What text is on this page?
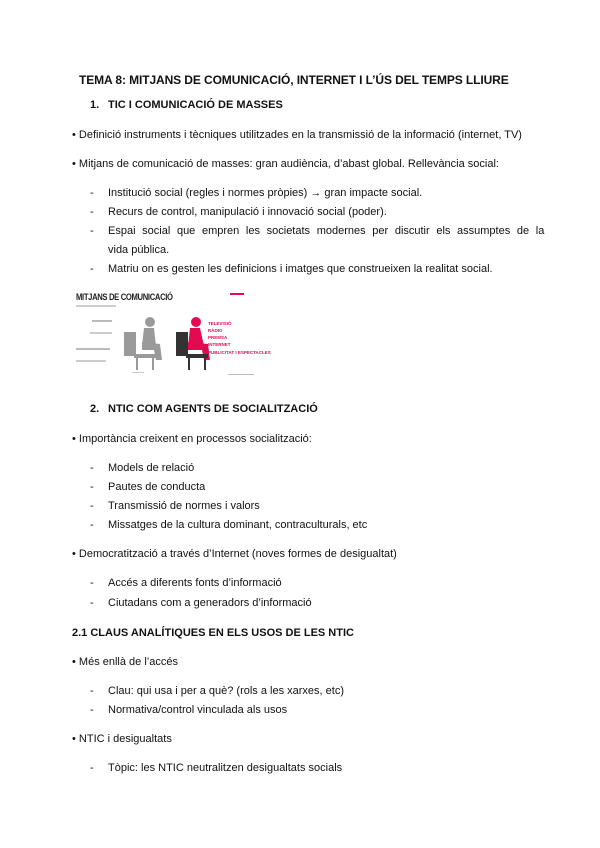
TEMA 8: MITJANS DE COMUNICACIÓ, INTERNET I L’ÚS DEL TEMPS LLIURE
1. TIC I COMUNICACIÓ DE MASSES
• Definició instruments i tècniques utilitzades en la transmissió de la informació (internet, TV)
• Mitjans de comunicació de masses: gran audiència, d’abast global. Rellevància social:
- Institució social (regles i normes pròpies) → gran impacte social.
- Recurs de control, manipulació i innovació social (poder).
- Espai social que empren les societats modernes per discutir els assumptes de la
vida pública.
- Matriu on es gesten les definicions i imatges que construeixen la realitat social.
MITJANS DE COMUNICACIÓ
TELEVISIÓ
RÀDIO
PREMSA
INTERNET
PUBLICITAT I ESPECTACLES
2. NTIC COM AGENTS DE SOCIALITZACIÓ
• Importància creixent en processos socialització:
- Models de relació
- Pautes de conducta
- Transmissió de normes i valors
- Missatges de la cultura dominant, contraculturals, etc
• Democratització a través d’Internet (noves formes de desigualtat)
- Accés a diferents fonts d’informació
- Ciutadans com a generadors d’informació
2.1 CLAUS ANALÍTIQUES EN ELS USOS DE LES NTIC
• Més enllà de l’accés
- Clau: qui usa i per a què? (rols a les xarxes, etc)
- Normativa/control vinculada als usos
• NTIC i desigualtats
- Tòpic: les NTIC neutralitzen desigualtats socials
